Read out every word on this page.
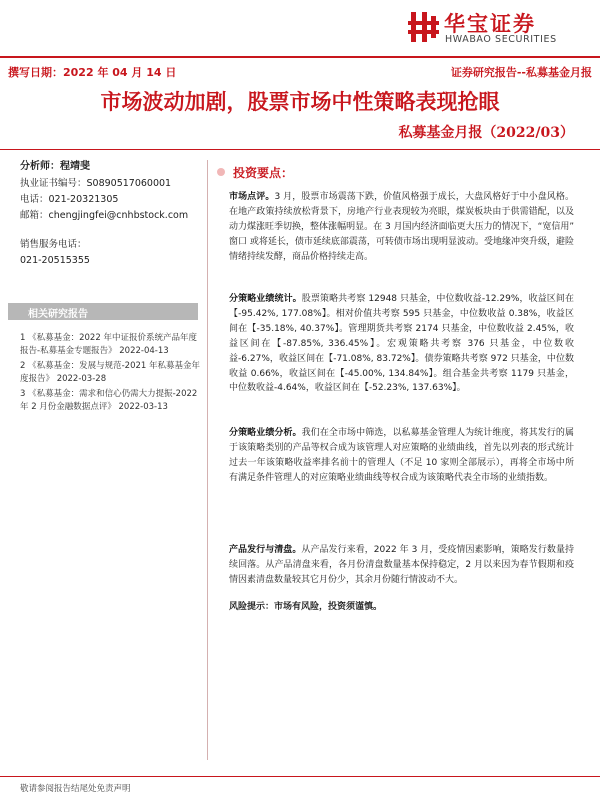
华宝证券
HWABAO SECURITIES
撰写日期：2022 年 04 月 14 日	证券研究报告--私募基金月报
市场波动加剧，股票市场中性策略表现抢眼
私募基金月报（2022/03）
分析师：程靖斐
执业证书编号：S0890517060001
电话：021-20321305
邮箱：chengjingfei@cnhbstock.com
销售服务电话：
021-20515355
相关研究报告
1 《私募基金：2022 年中证报价系统产品年度报告-私募基金专题报告》 2022-04-13
2 《私募基金：发展与规范-2021 年私募基金年度报告》 2022-03-28
3 《私募基金：需求和信心仍需大力提振-2022 年 2 月份金融数据点评》 2022-03-13
投资要点：
市场点评。3 月，股票市场震荡下跌，价值风格强于成长，大盘风格好于中小盘风格。在地产政策持续放松背景下，房地产行业表现较为亮眼，煤炭板块由于供需错配，以及动力煤涨旺季切换，整体涨幅明显。在 3 月国内经济面临更大压力的情况下，“宽信用” 窗口 或将延长，债市延续底部震荡，可转债市场出现明显波动。受地缘冲突升级，避险情绪持续发酵，商品价格持续走高。
分策略业绩统计。股票策略共考察 12948 只基金，中位数收益-12.29%，收益区间在【-95.42%, 177.08%】。相对价值共考察 595 只基金，中位数收益 0.38%，收益区间在【-35.18%, 40.37%】。管理期货共考察 2174 只基金，中位数收益 2.45%，收益区间在【-87.85%, 336.45%】。宏观策略共考察 376 只基金，中位数收益-6.27%，收益区间在【-71.08%, 83.72%】。债券策略共考察 972 只基金，中位数收益 0.66%，收益区间在【-45.00%, 134.84%】。组合基金共考察 1179 只基金，中位数收益-4.64%，收益区间在【-52.23%, 137.63%】。
分策略业绩分析。我们在全市场中筛选，以私募基金管理人为统计维度，将其发行的属于该策略类别的产品等权合成为该管理人对应策略的业绩曲线，首先以列表的形式统计过去一年该策略收益率排名前十的管理人（不足 10 家则全部展示），再将全市场中所有满足条件管理人的对应策略业绩曲线等权合成为该策略代表全市场的业绩指数。
产品发行与清盘。从产品发行来看，2022 年 3 月，受疫情因素影响，策略发行数量持续回落。从产品清盘来看，各月份清盘数量基本保持稳定，2 月以来因为春节假期和疫情因素清盘数量较其它月份少，其余月份随行情波动不大。
风险提示：市场有风险，投资须谨慎。
敬请参阅报告结尾处免责声明
